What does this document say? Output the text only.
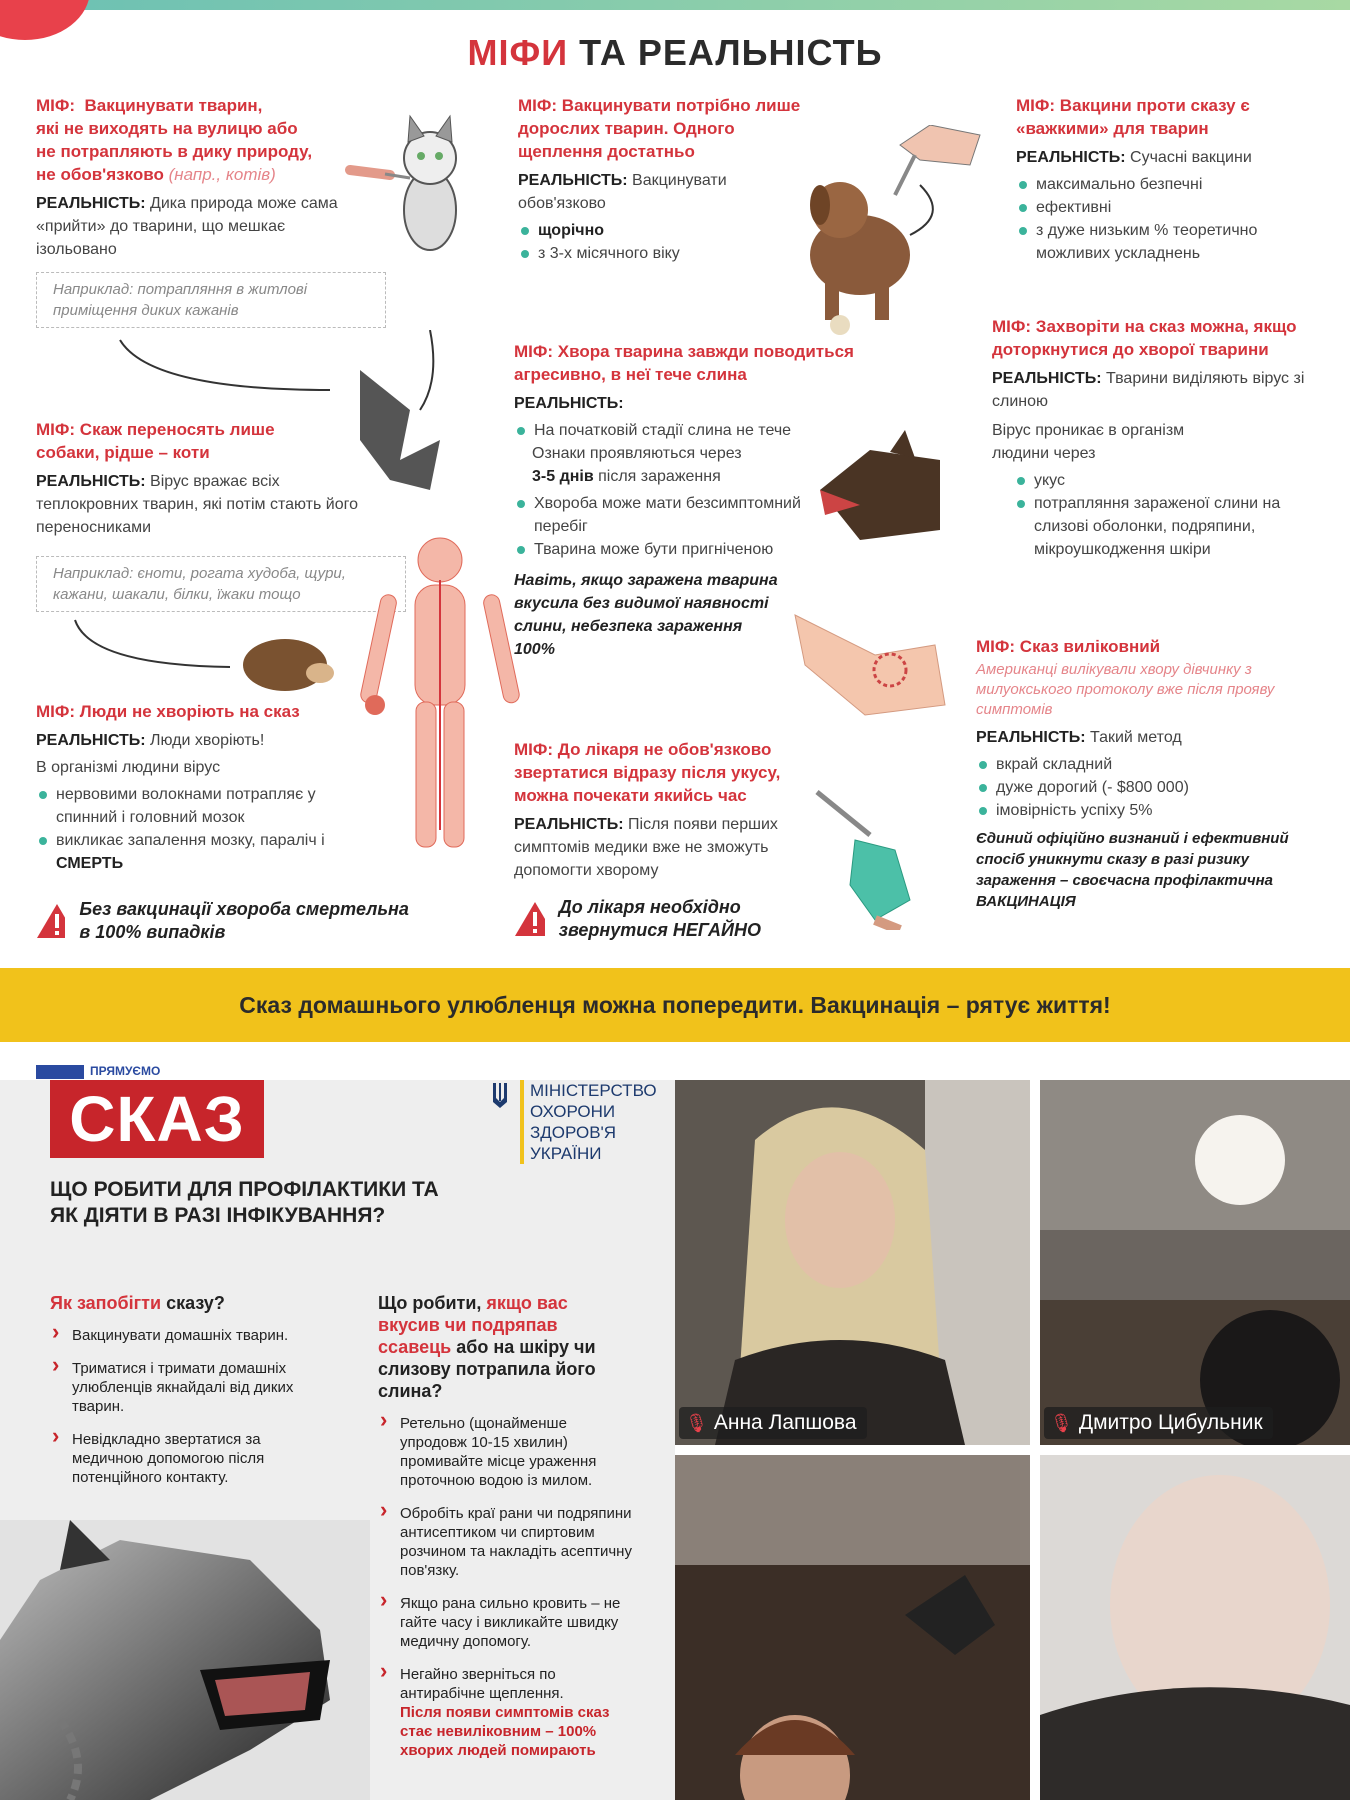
МІФИ ТА РЕАЛЬНІСТЬ
МІФ: Вакцинувати тварин,
які не виходять на вулицю або
не потрапляють в дику природу,
не обов'язково (напр., котів)
РЕАЛЬНІСТЬ: Дика природа може сама «прийти» до тварини, що мешкає ізольовано
Наприклад: потрапляння в житлові приміщення диких кажанів
МІФ: Вакцинувати потрібно лише дорослих тварин. Одного щеплення достатньо
РЕАЛЬНІСТЬ: Вакцинувати обов'язково
щорічно
з 3-х місячного віку
МІФ: Вакцини проти сказу є «важкими» для тварин
РЕАЛЬНІСТЬ: Сучасні вакцини
максимально безпечні
ефективні
з дуже низьким % теоретично можливих ускладнень
МІФ: Скаж переносять лише собаки, рідше – коти
РЕАЛЬНІСТЬ: Вірус вражає всіх теплокровних тварин, які потім стають його переносниками
Наприклад: єноти, рогата худоба, щури, кажани, шакали, білки, їжаки тощо
МІФ: Хвора тварина завжди поводиться агресивно, в неї тече слина
РЕАЛЬНІСТЬ:
На початковій стадії слина не тече
Ознаки проявляються через
3-5 днів після зараження
Хвороба може мати безсимптомний перебіг
Тварина може бути пригніченою
Навіть, якщо заражена тварина вкусила без видимої наявності слини, небезпека зараження 100%
МІФ: Захворіти на сказ можна, якщо доторкнутися до хворої тварини
РЕАЛЬНІСТЬ: Тварини виділяють вірус зі слиною
Вірус проникає в організм людини через
укус
потрапляння зараженої слини на слизові оболонки, подряпини, мікроушкодження шкіри
МІФ: Люди не хворіють на сказ
РЕАЛЬНІСТЬ: Люди хворіють!
В організмі людини вірус
нервовими волокнами потрапляє у спинний і головний мозок
викликає запалення мозку, параліч і СМЕРТЬ
Без вакцинації хвороба смертельна в 100% випадків
МІФ: До лікаря не обов'язково звертатися відразу після укусу, можна почекати якийсь час
РЕАЛЬНІСТЬ: Після появи перших симптомів медики вже не зможуть допомогти хворому
До лікаря необхідно звернутися НЕГАЙНО
МІФ: Сказ виліковний
Американці вилікували хвору дівчинку з милуокського протоколу вже після прояву симптомів
РЕАЛЬНІСТЬ: Такий метод
вкрай складний
дуже дорогий (- $800 000)
імовірність успіху 5%
Єдиний офіційно визнаний і ефективний спосіб уникнути сказу в разі ризику зараження – своєчасна профілактична ВАКЦИНАЦІЯ
Сказ домашнього улюбленця можна попередити. Вакцинація – рятує життя!
ПРЯМУЄМО
СКАЗ	МІНІСТЕРСТВО
ОХОРОНИ
ЗДОРОВ'Я
УКРАЇНИ
ЩО РОБИТИ ДЛЯ ПРОФІЛАКТИКИ ТА ЯК ДІЯТИ В РАЗІ ІНФІКУВАННЯ?
Як запобігти сказу?
› Вакцинувати домашніх тварин.
› Триматися і тримати домашніх улюбленців якнайдалі від диких тварин.
› Невідкладно звертатися за медичною допомогою після потенційного контакту.
Що робити, якщо вас вкусив чи подряпав ссавець або на шкіру чи слизову потрапила його слина?
› Ретельно (щонайменше упродовж 10-15 хвилин) промивайте місце ураження проточною водою із милом.
› Обробіть краї рани чи подряпини антисептиком чи спиртовим розчином та накладіть асептичну пов'язку.
› Якщо рана сильно кровить – не гайте часу і викликайте швидку медичну допомогу.
› Негайно зверніться по антирабічне щеплення.
Після появи симптомів сказ стає невиліковним – 100% хворих людей помирають
🎙 Анна Лапшова	🎙 Дмитро Цибульник
